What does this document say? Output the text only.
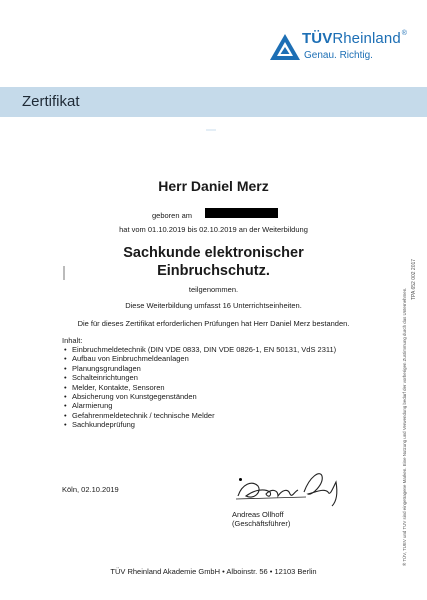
TÜVRheinland®
Genau. Richtig.
Zertifikat
Herr Daniel Merz
geboren am
hat vom 01.10.2019 bis 02.10.2019 an der Weiterbildung
Sachkunde elektronischer
Einbruchschutz.
teilgenommen.
Diese Weiterbildung umfasst 16 Unterrichtseinheiten.
Die für dieses Zertifikat erforderlichen Prüfungen hat Herr Daniel Merz bestanden.
Inhalt:
• Einbruchmeldetechnik (DIN VDE 0833, DIN VDE 0826-1, EN 50131, VdS 2311)
• Aufbau von Einbruchmeldeanlagen
• Planungsgrundlagen
• Schalteinrichtungen
• Melder, Kontakte, Sensoren
• Absicherung von Kunstgegenständen
• Alarmierung
• Gefahrenmeldetechnik / technische Melder
• Sachkundeprüfung
Köln, 02.10.2019
Andreas Ollhoff
(Geschäftsführer)
TÜV Rheinland Akademie GmbH • Alboinstr. 56 • 12103 Berlin
TPA 652 002 2017
® TÜV, TUEV und TUV sind eingetragene Marken. Eine Nutzung und Verwendung bedarf der vorherigen Zustimmung durch das Unternehmen.
